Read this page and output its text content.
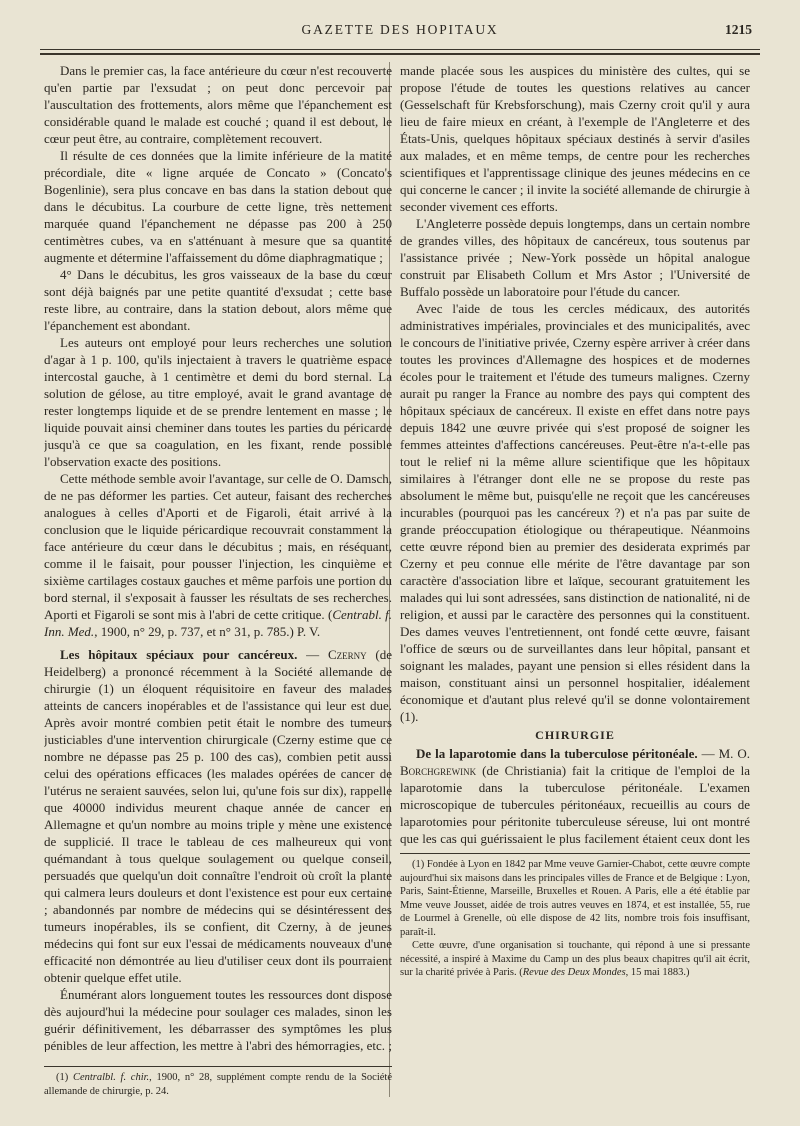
GAZETTE DES HOPITAUX	1215

Dans le premier cas, la face antérieure du cœur n'est recouverte qu'en partie par l'exsudat ; on peut donc percevoir par l'auscultation des frottements, alors même que l'épanchement est considérable quand le malade est couché ; quand il est debout, le cœur peut être, au contraire, complètement recouvert.

Il résulte de ces données que la limite inférieure de la matité précordiale, dite « ligne arquée de Concato » (Concato's Bogenlinie), sera plus concave en bas dans la station debout que dans le décubitus. La courbure de cette ligne, très nettement marquée quand l'épanchement ne dépasse pas 200 à 250 centimètres cubes, va en s'atténuant à mesure que sa quantité augmente et détermine l'affaissement du dôme diaphragmatique ;

4° Dans le décubitus, les gros vaisseaux de la base du cœur sont déjà baignés par une petite quantité d'exsudat ; cette base reste libre, au contraire, dans la station debout, alors même que l'épanchement est abondant.

Les auteurs ont employé pour leurs recherches une solution d'agar à 1 p. 100, qu'ils injectaient à travers le quatrième espace intercostal gauche, à 1 centimètre et demi du bord sternal. La solution de gélose, au titre employé, avait le grand avantage de rester longtemps liquide et de se prendre lentement en masse ; le liquide pouvait ainsi cheminer dans toutes les parties du péricarde jusqu'à ce que sa coagulation, en les fixant, rende possible l'observation exacte des positions.

Cette méthode semble avoir l'avantage, sur celle de O. Damsch, de ne pas déformer les parties. Cet auteur, faisant des recherches analogues à celles d'Aporti et de Figaroli, était arrivé à la conclusion que le liquide péricardique recouvrait constamment la face antérieure du cœur dans le décubitus ; mais, en réséquant, comme il le faisait, pour pousser l'injection, les cinquième et sixième cartilages costaux gauches et même parfois une portion du bord sternal, il s'exposait à fausser les résultats de ses recherches. Aporti et Figaroli se sont mis à l'abri de cette critique. (Centrabl. f. Inn. Med., 1900, n° 29, p. 737, et n° 31, p. 785.) P. V.

Les hôpitaux spéciaux pour cancéreux. — Czerny (de Heidelberg) a prononcé récemment à la Société allemande de chirurgie (1) un éloquent réquisitoire en faveur des malades atteints de cancers inopérables et de l'assistance qui leur est due. Après avoir montré combien petit était le nombre des tumeurs justiciables d'une intervention chirurgicale (Czerny estime que ce nombre ne dépasse pas 25 p. 100 des cas), combien petit aussi celui des opérations efficaces (les malades opérées de cancer de l'utérus ne seraient sauvées, selon lui, qu'une fois sur dix), rappelle que 40000 individus meurent chaque année de cancer en Allemagne et qu'un nombre au moins triple y mène une existence de supplicié. Il trace le tableau de ces malheureux qui vont quémandant à tous quelque soulagement ou quelque conseil, persuadés que quelqu'un doit connaître l'endroit où croît la plante qui calmera leurs douleurs et dont l'existence est pour eux certaine ; abandonnés par nombre de médecins qui se désintéressent des tumeurs inopérables, ils se confient, dit Czerny, à de jeunes médecins qui font sur eux l'essai de médicaments nouveaux d'une efficacité non démontrée au lieu d'utiliser ceux dont ils pourraient obtenir quelque effet utile.

Énumérant alors longuement toutes les ressources dont dispose dès aujourd'hui la médecine pour soulager ces malades, sinon les guérir définitivement, les débarrasser des symptômes les plus pénibles de leur affection, les mettre à l'abri des hémorragies, etc. ;

(1) Centralbl. f. chir., 1900, n° 28, supplément compte rendu de la Société allemande de chirurgie, p. 24.

mande placée sous les auspices du ministère des cultes, qui se propose l'étude de toutes les questions relatives au cancer (Gesselschaft für Krebsforschung), mais Czerny croit qu'il y aura lieu de faire mieux en créant, à l'exemple de l'Angleterre et des États-Unis, quelques hôpitaux spéciaux destinés à servir d'asiles aux malades, et en même temps, de centre pour les recherches scientifiques et l'apprentissage clinique des jeunes médecins en ce qui concerne le cancer ; il invite la société allemande de chirurgie à seconder vivement ces efforts.

L'Angleterre possède depuis longtemps, dans un certain nombre de grandes villes, des hôpitaux de cancéreux, tous soutenus par l'assistance privée ; New-York possède un hôpital analogue construit par Elisabeth Collum et Mrs Astor ; l'Université de Buffalo possède un laboratoire pour l'étude du cancer.

Avec l'aide de tous les cercles médicaux, des autorités administratives impériales, provinciales et des municipalités, avec le concours de l'initiative privée, Czerny espère arriver à créer dans toutes les provinces d'Allemagne des hospices et de modernes écoles pour le traitement et l'étude des tumeurs malignes. Czerny aurait pu ranger la France au nombre des pays qui comptent des hôpitaux spéciaux de cancéreux. Il existe en effet dans notre pays depuis 1842 une œuvre privée qui s'est proposé de soigner les femmes atteintes d'affections cancéreuses. Peut-être n'a-t-elle pas tout le relief ni la même allure scientifique que les hôpitaux similaires à l'étranger dont elle ne se propose du reste pas absolument le même but, puisqu'elle ne reçoit que les cancéreuses incurables (pourquoi pas les cancéreux ?) et n'a pas par suite de grande préoccupation étiologique ou thérapeutique. Néanmoins cette œuvre répond bien au premier des desiderata exprimés par Czerny et peu connue elle mérite de l'être davantage par son caractère d'association libre et laïque, secourant gratuitement les malades qui lui sont adressées, sans distinction de nationalité, ni de religion, et aussi par le caractère des personnes qui la constituent. Des dames veuves l'entretiennent, ont fondé cette œuvre, faisant l'office de sœurs ou de surveillantes dans leur hôpital, pansant et soignant les malades, payant une pension si elles résident dans la maison, constituant ainsi un personnel hospitalier, idéalement économique et d'autant plus relevé qu'il se donne volontairement (1).

CHIRURGIE

De la laparotomie dans la tuberculose péritonéale. — M. O. Borchgrewink (de Christiania) fait la critique de l'emploi de la laparotomie dans la tuberculose péritonéale. L'examen microscopique de tubercules péritonéaux, recueillis au cours de laparotomies pour péritonite tuberculeuse séreuse, lui ont montré que les cas qui guérissaient le plus facilement étaient ceux dont les

(1) Fondée à Lyon en 1842 par Mme veuve Garnier-Chabot, cette œuvre compte aujourd'hui six maisons dans les principales villes de France et de Belgique : Lyon, Paris, Saint-Étienne, Marseille, Bruxelles et Rouen. A Paris, elle a été établie par Mme veuve Jousset, aidée de trois autres veuves en 1874, et est installée, 55, rue de Lourmel à Grenelle, où elle dispose de 42 lits, nombre trois fois insuffisant, paraît-il.

Cette œuvre, d'une organisation si touchante, qui répond à une si pressante nécessité, a inspiré à Maxime du Camp un des plus beaux chapitres qu'il ait écrit, sur la charité privée à Paris. (Revue des Deux Mondes, 15 mai 1883.)
